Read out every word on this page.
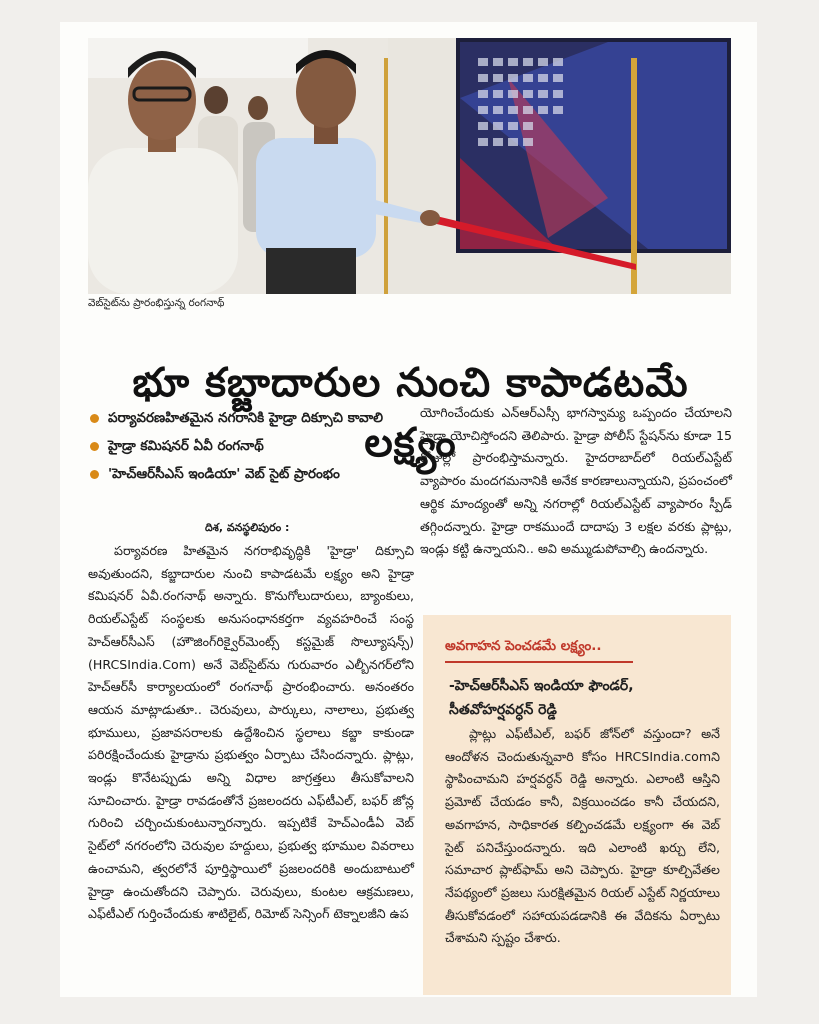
వెబ్‌సైట్‌ను ప్రారంభిస్తున్న రంగనాథ్
భూ కబ్జాదారుల నుంచి కాపాడటమే లక్ష్యం
పర్యావరణహితమైన నగరానికి హైడ్రా దిక్సూచి కావాలి
హైడ్రా కమిషనర్ ఏవీ రంగనాథ్
'హెచ్‌ఆర్‌సీఎస్ ఇండియా' వెబ్ సైట్ ప్రారంభం
దిశ, వనస్థలిపురం :

పర్యావరణ హితమైన నగరాభివృద్ధికి 'హైడ్రా' దిక్సూచి అవుతుందని, కబ్జాదారుల నుంచి కాపాడటమే లక్ష్యం అని హైడ్రా కమిషనర్ ఏవీ.రంగనాథ్ అన్నారు. కొనుగోలుదారులు, బ్యాంకులు, రియల్‌ఎస్టేట్ సంస్థలకు అనుసంధానకర్తగా వ్యవహరించే సంస్థ హెచ్‌ఆర్‌సీఎస్ (హౌజింగ్‌రిక్వైర్‌మెంట్స్ కస్టమైజ్ సొల్యూషన్స్) (HRCSIndia.Com) అనే వెబ్‌సైట్‌ను గురువారం ఎల్బీనగర్‌లోని హెచ్‌ఆర్‌సీ కార్యాలయంలో రంగనాథ్ ప్రారంభించారు. అనంతరం ఆయన మాట్లాడుతూ.. చెరువులు, పార్కులు, నాలాలు, ప్రభుత్వ భూములు, ప్రజావసరాలకు ఉద్దేశించిన స్థలాలు కబ్జా కాకుండా పరిరక్షించేందుకు హైడ్రాను ప్రభుత్వం ఏర్పాటు చేసిందన్నారు. ప్లాట్లు, ఇండ్లు కొనేటప్పుడు అన్ని విధాల జాగ్రత్తలు తీసుకోవాలని సూచించారు. హైడ్రా రావడంతోనే ప్రజలందరు ఎఫ్‌టీఎల్, బఫర్ జోన్ల గురించి చర్చించుకుంటున్నారన్నారు. ఇప్పటికే హెచ్‌ఎండీఏ వెబ్ సైట్‌లో నగరంలోని చెరువుల హద్దులు, ప్రభుత్వ భూముల వివరాలు ఉంచామని, త్వరలోనే పూర్తిస్థాయిలో ప్రజలందరికి అందుబాటులో హైడ్రా ఉంచుతోందని చెప్పారు. చెరువులు, కుంటల ఆక్రమణలు, ఎఫ్‌టీఎల్ గుర్తించేందుకు శాటిలైట్, రిమోట్ సెన్సింగ్ టెక్నాలజీని ఉప

యోగించేందుకు ఎన్‌ఆర్‌ఎస్సీ భాగస్వామ్య ఒప్పందం చేయాలని హైడ్రా యోచిస్తోందని తెలిపారు. హైడ్రా పోలీస్ స్టేషన్‌ను కూడా 15 రోజుల్లో ప్రారంభిస్తామన్నారు. హైదరాబాద్‌లో రియల్‌ఎస్టేట్ వ్యాపారం మందగమనానికి అనేక కారణాలున్నాయని, ప్రపంచంలో ఆర్థిక మాంద్యంతో అన్ని నగరాల్లో రియల్‌ఎస్టేట్ వ్యాపారం స్పీడ్ తగ్గిందన్నారు. హైడ్రా రాకముందే దాదాపు 3 లక్షల వరకు ప్లాట్లు, ఇండ్లు కట్టి ఉన్నాయని.. అవి అమ్ముడుపోవాల్సి ఉందన్నారు.

అవగాహన పెంచడమే లక్ష్యం..
-హెచ్‌ఆర్‌సీఎస్ ఇండియా ఫౌండర్,
సీతవోహర్షవర్ధన్ రెడ్డి

ప్లాట్లు ఎఫ్‌టీఎల్, బఫర్ జోన్‌లో వస్తుందా? అనే ఆందోళన చెందుతున్నవారి కోసం HRCSIndia.comని స్థాపించామని హర్షవర్ధన్ రెడ్డి అన్నారు. ఎలాంటి ఆస్తిని ప్రమోట్ చేయడం కానీ, విక్రయించడం కానీ చేయదని, అవగాహన, సాధికారత కల్పించడమే లక్ష్యంగా ఈ వెబ్ సైట్ పనిచేస్తుందన్నారు. ఇది ఎలాంటి ఖర్చు లేని, సమాచార ప్లాట్‌ఫామ్ అని చెప్పారు. హైడ్రా కూల్చివేతల నేపథ్యంలో ప్రజలు సురక్షితమైన రియల్ ఎస్టేట్ నిర్ణయాలు తీసుకోవడంలో సహాయపడడానికి ఈ వేదికను ఏర్పాటు చేశామని స్పష్టం చేశారు.
